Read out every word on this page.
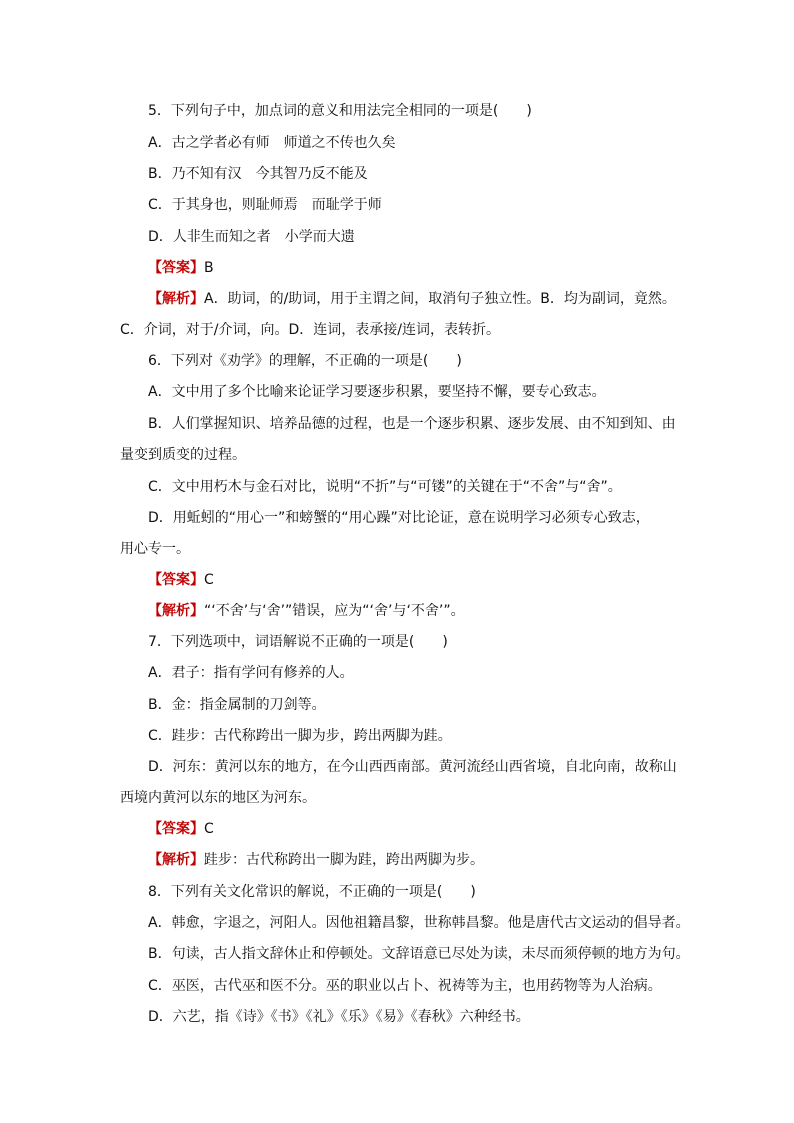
5．下列句子中，加点词的意义和用法完全相同的一项是(　　)
A．古之学者必有师　师道之不传也久矣
B．乃不知有汉　今其智乃反不能及
C．于其身也，则耻师焉　而耻学于师
D．人非生而知之者　小学而大遗
【答案】B
【解析】A．助词，的/助词，用于主谓之间，取消句子独立性。B．均为副词，竟然。
C．介词，对于/介词，向。D．连词，表承接/连词，表转折。
6．下列对《劝学》的理解，不正确的一项是(　　)
A．文中用了多个比喻来论证学习要逐步积累，要坚持不懈，要专心致志。
B．人们掌握知识、培养品德的过程，也是一个逐步积累、逐步发展、由不知到知、由
量变到质变的过程。
C．文中用朽木与金石对比，说明“不折”与“可镂”的关键在于“不舍”与“舍”。
D．用蚯蚓的“用心一”和螃蟹的“用心躁”对比论证，意在说明学习必须专心致志，
用心专一。
【答案】C
【解析】“‘不舍’与‘舍’”错误，应为“‘舍’与‘不舍’”。
7．下列选项中，词语解说不正确的一项是(　　)
A．君子：指有学问有修养的人。
B．金：指金属制的刀剑等。
C．跬步：古代称跨出一脚为步，跨出两脚为跬。
D．河东：黄河以东的地方，在今山西西南部。黄河流经山西省境，自北向南，故称山
西境内黄河以东的地区为河东。
【答案】C
【解析】跬步：古代称跨出一脚为跬，跨出两脚为步。
8．下列有关文化常识的解说，不正确的一项是(　　)
A．韩愈，字退之，河阳人。因他祖籍昌黎，世称韩昌黎。他是唐代古文运动的倡导者。
B．句读，古人指文辞休止和停顿处。文辞语意已尽处为读，未尽而须停顿的地方为句。
C．巫医，古代巫和医不分。巫的职业以占卜、祝祷等为主，也用药物等为人治病。
D．六艺，指《诗》《书》《礼》《乐》《易》《春秋》六种经书。
